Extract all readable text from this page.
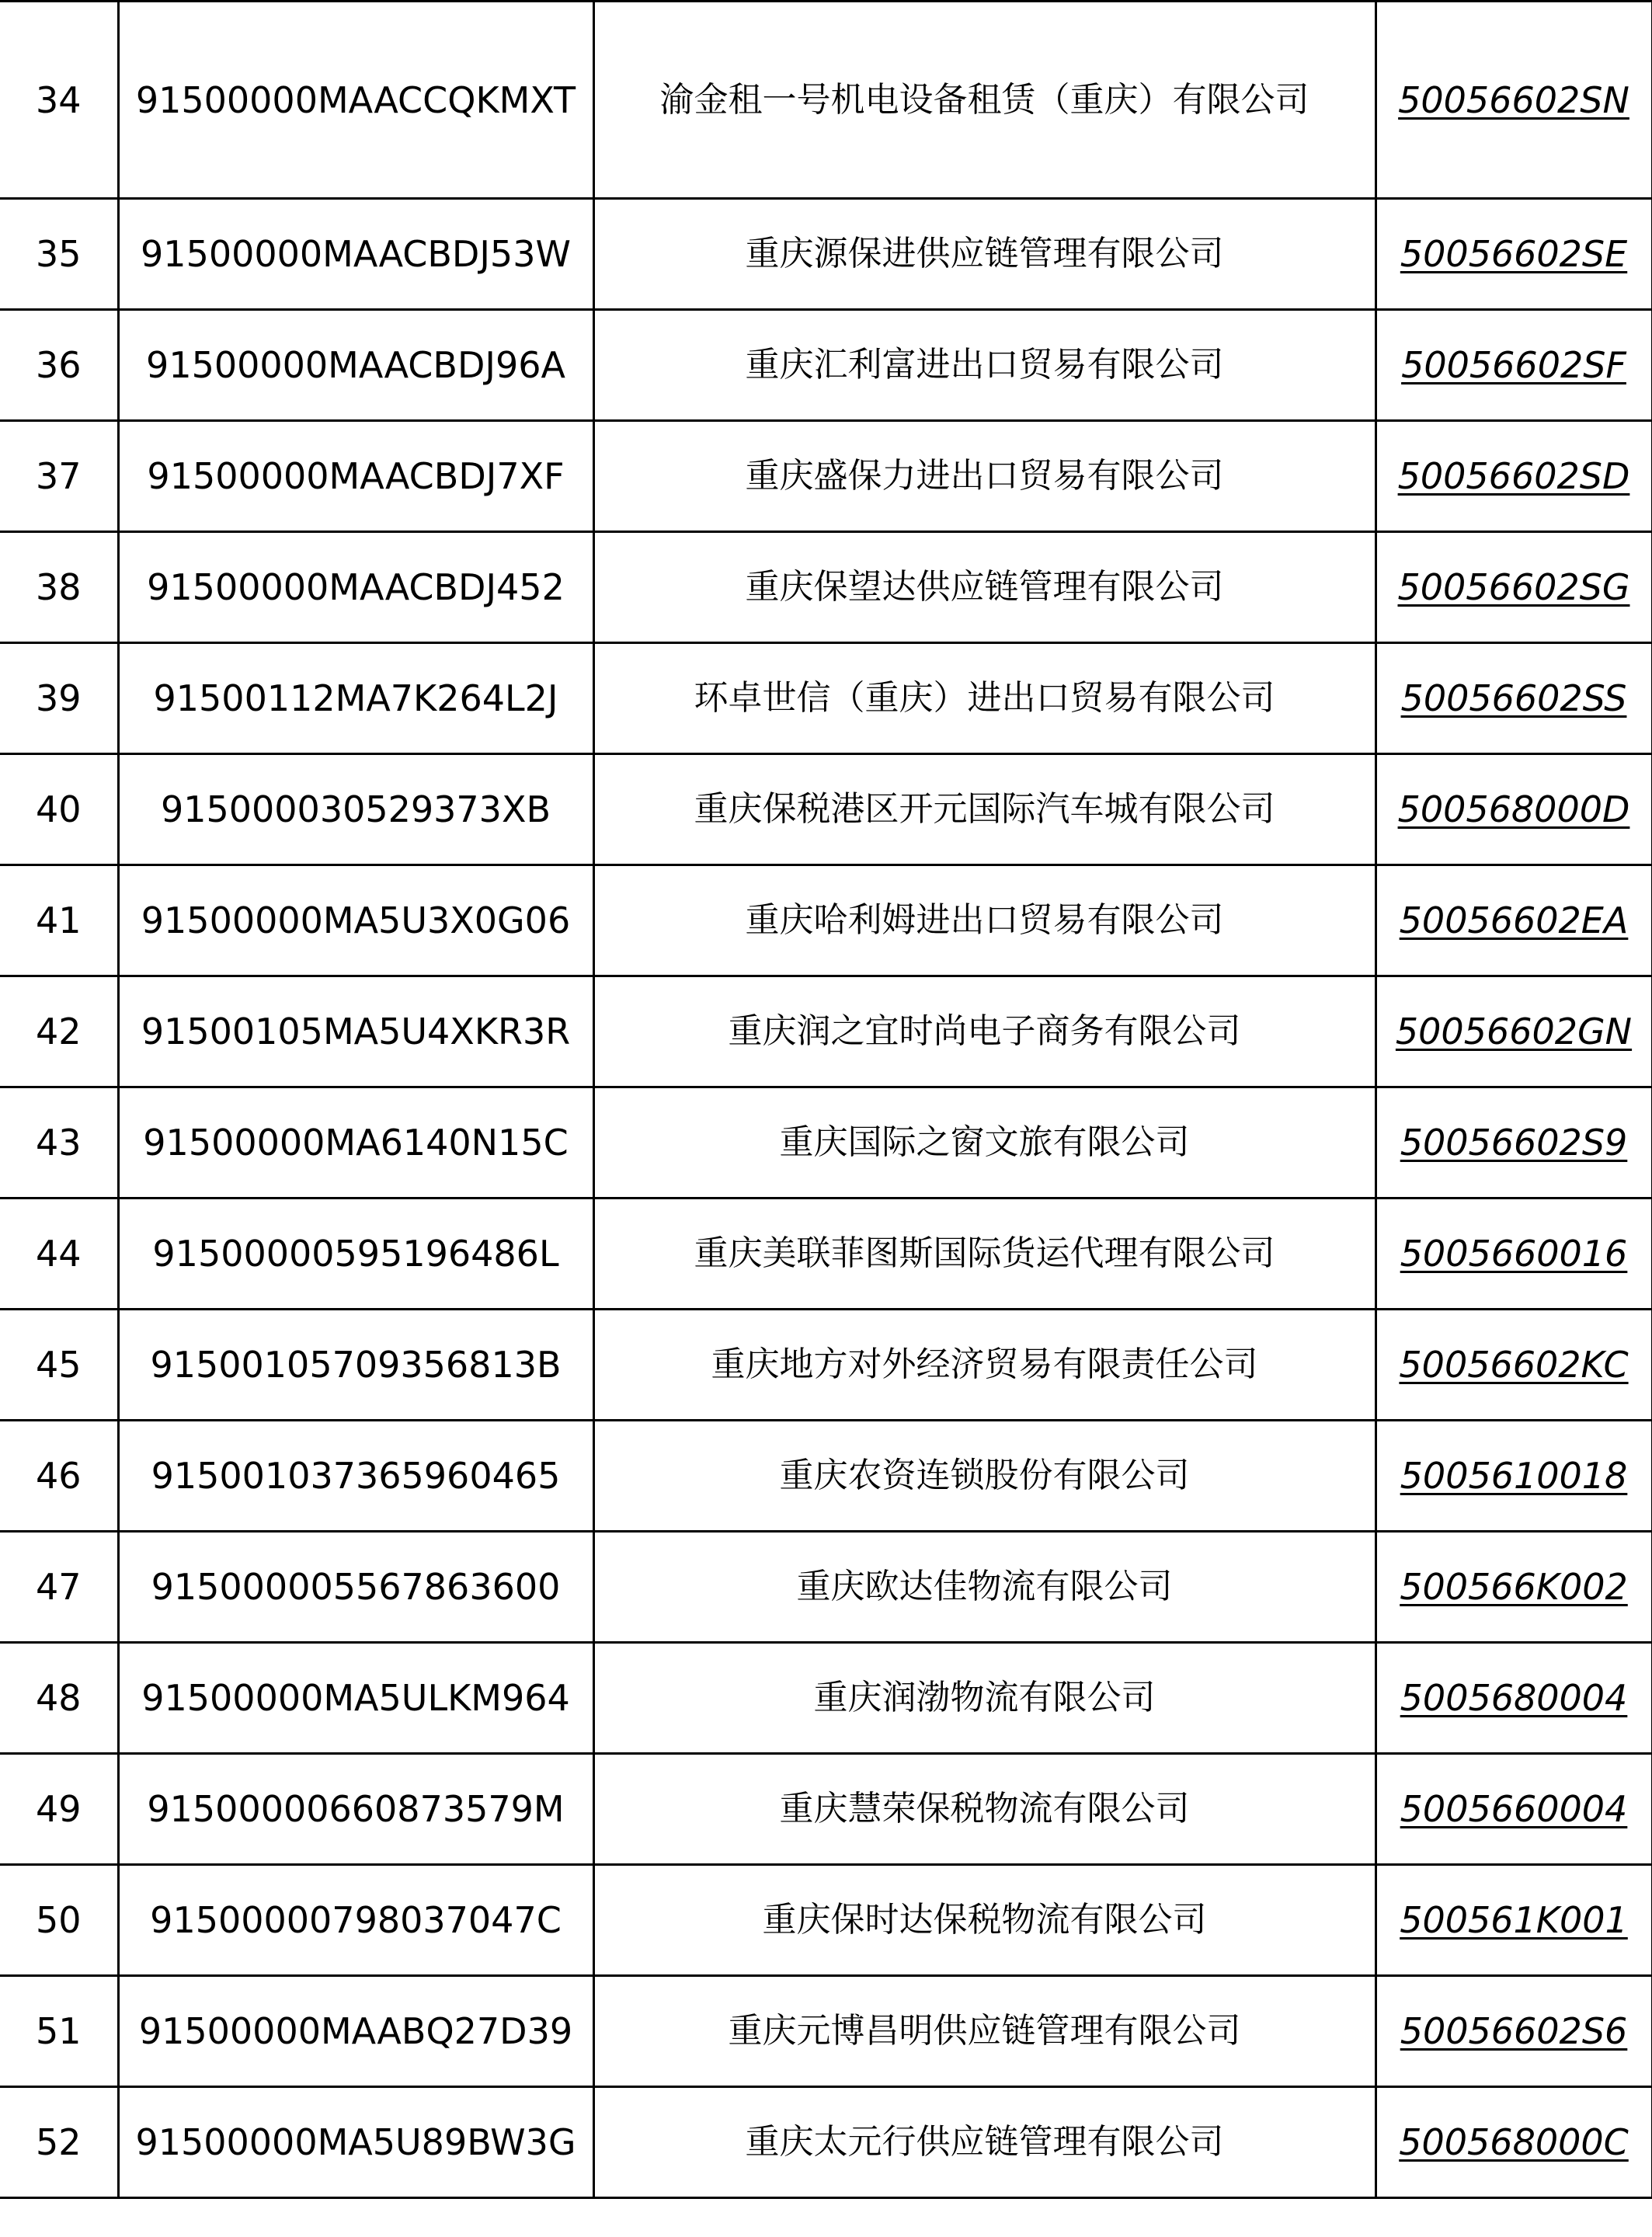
34	91500000MAACCQKMXT	渝金租一号机电设备租赁（重庆）有限公司	50056602SN
35	91500000MAACBDJ53W	重庆源保进供应链管理有限公司	50056602SE
36	91500000MAACBDJ96A	重庆汇利富进出口贸易有限公司	50056602SF
37	91500000MAACBDJ7XF	重庆盛保力进出口贸易有限公司	50056602SD
38	91500000MAACBDJ452	重庆保望达供应链管理有限公司	50056602SG
39	91500112MA7K264L2J	环卓世信（重庆）进出口贸易有限公司	50056602SS
40	915000030529373XB	重庆保税港区开元国际汽车城有限公司	500568000D
41	91500000MA5U3X0G06	重庆哈利姆进出口贸易有限公司	50056602EA
42	91500105MA5U4XKR3R	重庆润之宜时尚电子商务有限公司	50056602GN
43	91500000MA6140N15C	重庆国际之窗文旅有限公司	50056602S9
44	91500000595196486L	重庆美联菲图斯国际货运代理有限公司	5005660016
45	91500105709356813B	重庆地方对外经济贸易有限责任公司	50056602KC
46	915001037365960465	重庆农资连锁股份有限公司	5005610018
47	915000005567863600	重庆欧达佳物流有限公司	500566K002
48	91500000MA5ULKM964	重庆润渤物流有限公司	5005680004
49	91500000660873579M	重庆慧荣保税物流有限公司	5005660004
50	91500000798037047C	重庆保时达保税物流有限公司	500561K001
51	91500000MAABQ27D39	重庆元博昌明供应链管理有限公司	50056602S6
52	91500000MA5U89BW3G	重庆太元行供应链管理有限公司	500568000C
